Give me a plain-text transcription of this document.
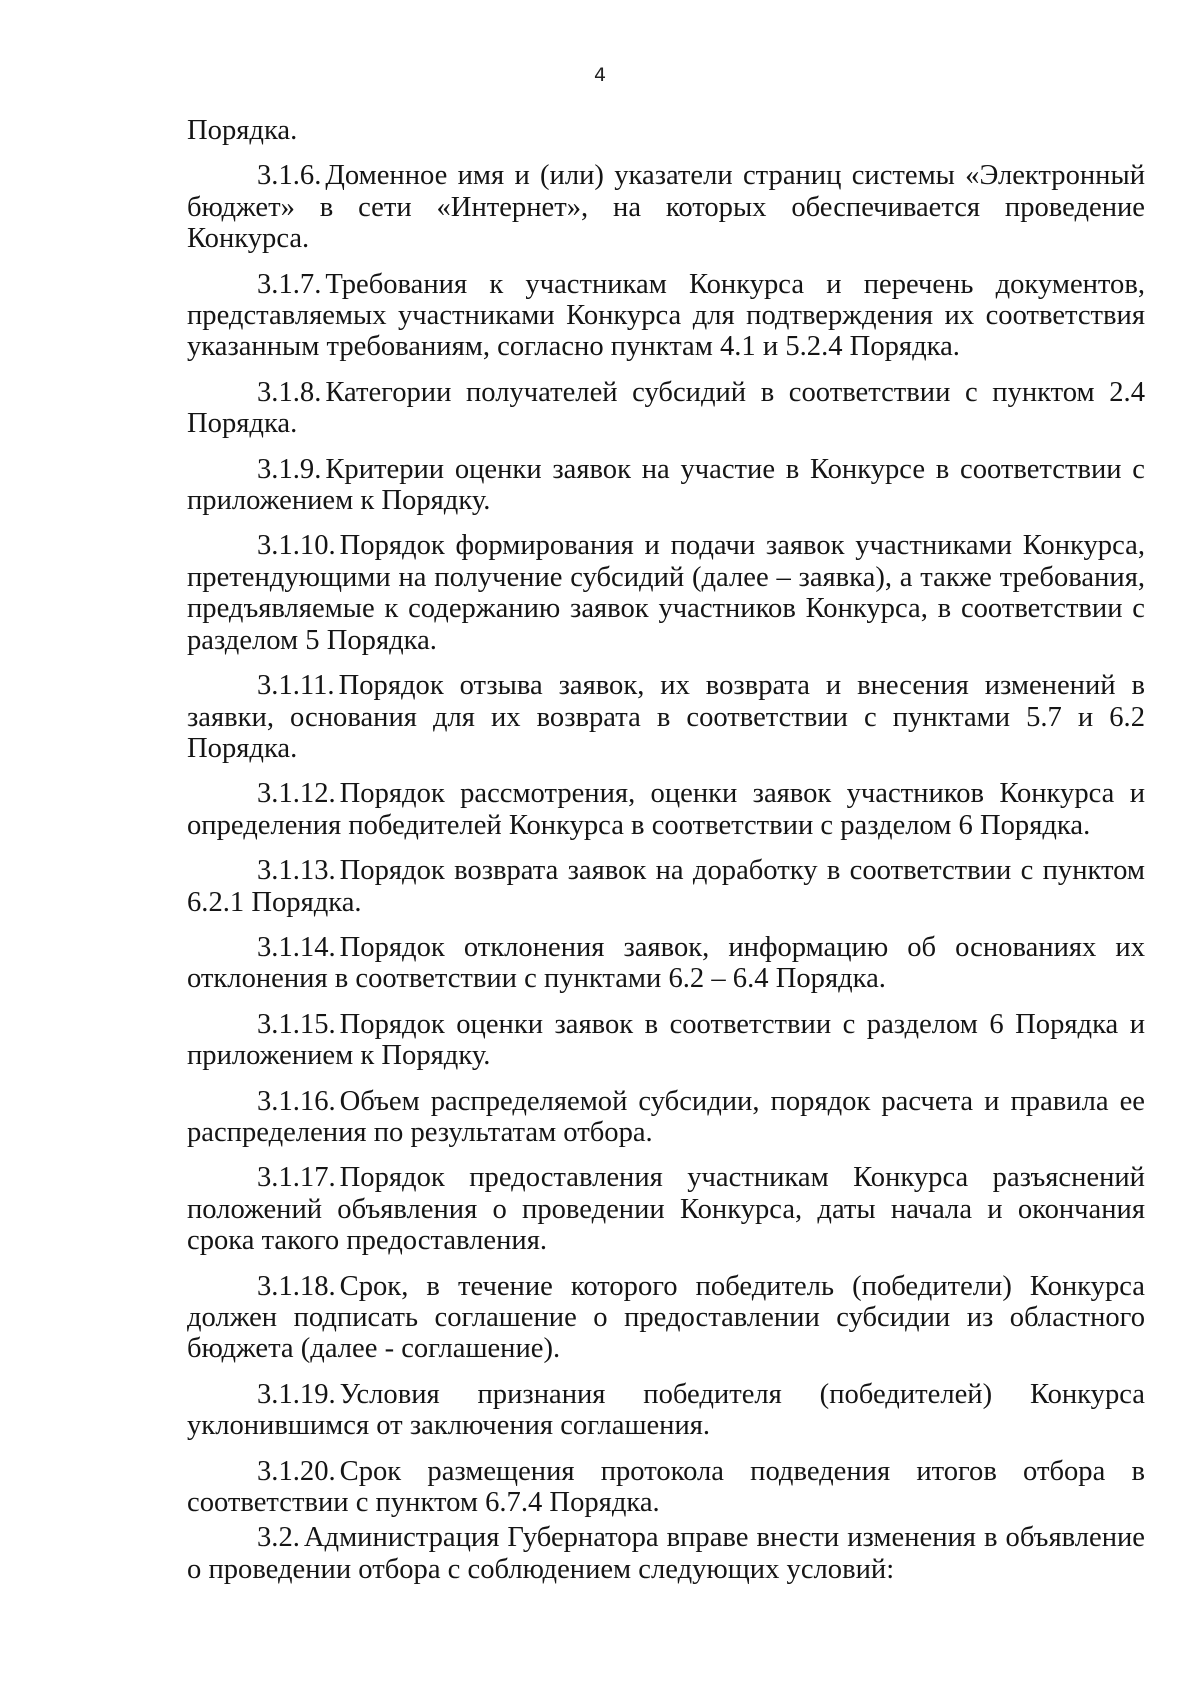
4

Порядка.

3.1.6. Доменное имя и (или) указатели страниц системы «Электронный бюджет» в сети «Интернет», на которых обеспечивается проведение Конкурса.

3.1.7. Требования к участникам Конкурса и перечень документов, представляемых участниками Конкурса для подтверждения их соответствия указанным требованиям, согласно пунктам 4.1 и 5.2.4 Порядка.

3.1.8. Категории получателей субсидий в соответствии с пунктом 2.4 Порядка.

3.1.9. Критерии оценки заявок на участие в Конкурсе в соответствии с приложением к Порядку.

3.1.10. Порядок формирования и подачи заявок участниками Конкурса, претендующими на получение субсидий (далее – заявка), а также требования, предъявляемые к содержанию заявок участников Конкурса, в соответствии с разделом 5 Порядка.

3.1.11. Порядок отзыва заявок, их возврата и внесения изменений в заявки, основания для их возврата в соответствии с пунктами 5.7 и 6.2 Порядка.

3.1.12. Порядок рассмотрения, оценки заявок участников Конкурса и определения победителей Конкурса в соответствии с разделом 6 Порядка.

3.1.13. Порядок возврата заявок на доработку в соответствии с пунктом 6.2.1 Порядка.

3.1.14. Порядок отклонения заявок, информацию об основаниях их отклонения в соответствии с пунктами 6.2 – 6.4 Порядка.

3.1.15. Порядок оценки заявок в соответствии с разделом 6 Порядка и приложением к Порядку.

3.1.16. Объем распределяемой субсидии, порядок расчета и правила ее распределения по результатам отбора.

3.1.17. Порядок предоставления участникам Конкурса разъяснений положений объявления о проведении Конкурса, даты начала и окончания срока такого предоставления.

3.1.18. Срок, в течение которого победитель (победители) Конкурса должен подписать соглашение о предоставлении субсидии из областного бюджета (далее - соглашение).

3.1.19. Условия признания победителя (победителей) Конкурса уклонившимся от заключения соглашения.

3.1.20. Срок размещения протокола подведения итогов отбора в соответствии с пунктом 6.7.4 Порядка.

3.2. Администрация Губернатора вправе внести изменения в объявление о проведении отбора с соблюдением следующих условий:
